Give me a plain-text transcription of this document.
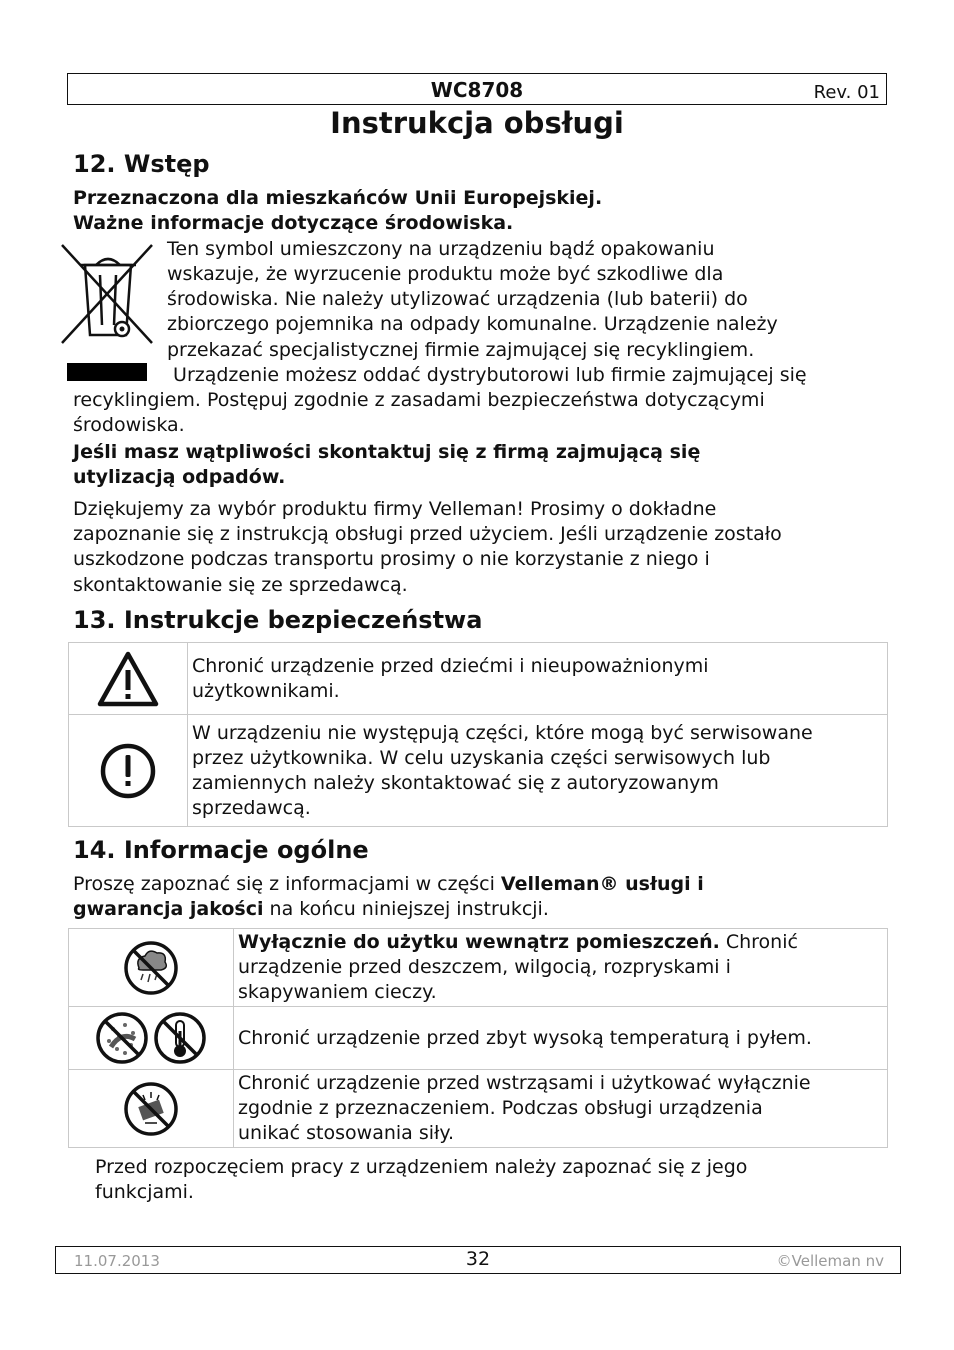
WC8708	Rev. 01
Instrukcja obsługi
12. Wstęp
Przeznaczona dla mieszkańców Unii Europejskiej.
Ważne informacje dotyczące środowiska.
Ten symbol umieszczony na urządzeniu bądź opakowaniu
wskazuje, że wyrzucenie produktu może być szkodliwe dla
środowiska. Nie należy utylizować urządzenia (lub baterii) do
zbiorczego pojemnika na odpady komunalne. Urządzenie należy
przekazać specjalistycznej firmie zajmującej się recyklingiem.
Urządzenie możesz oddać dystrybutorowi lub firmie zajmującej się
recyklingiem. Postępuj zgodnie z zasadami bezpieczeństwa dotyczącymi
środowiska.
Jeśli masz wątpliwości skontaktuj się z firmą zajmującą się
utylizacją odpadów.
Dziękujemy za wybór produktu firmy Velleman! Prosimy o dokładne
zapoznanie się z instrukcją obsługi przed użyciem. Jeśli urządzenie zostało
uszkodzone podczas transportu prosimy o nie korzystanie z niego i
skontaktowanie się ze sprzedawcą.
13. Instrukcje bezpieczeństwa

Chronić urządzenie przed dziećmi i nieupoważnionymi
użytkownikami.

W urządzeniu nie występują części, które mogą być serwisowane
przez użytkownika. W celu uzyskania części serwisowych lub
zamiennych należy skontaktować się z autoryzowanym
sprzedawcą.
14. Informacje ogólne
Proszę zapoznać się z informacjami w części Velleman® usługi i
gwarancja jakości na końcu niniejszej instrukcji.

Wyłącznie do użytku wewnątrz pomieszczeń. Chronić
urządzenie przed deszczem, wilgocią, rozpryskami i
skapywaniem cieczy.

Chronić urządzenie przed zbyt wysoką temperaturą i pyłem.

Chronić urządzenie przed wstrząsami i użytkować wyłącznie
zgodnie z przeznaczeniem. Podczas obsługi urządzenia
unikać stosowania siły.
Przed rozpoczęciem pracy z urządzeniem należy zapoznać się z jego
funkcjami.
11.07.2013	32	©Velleman nv
